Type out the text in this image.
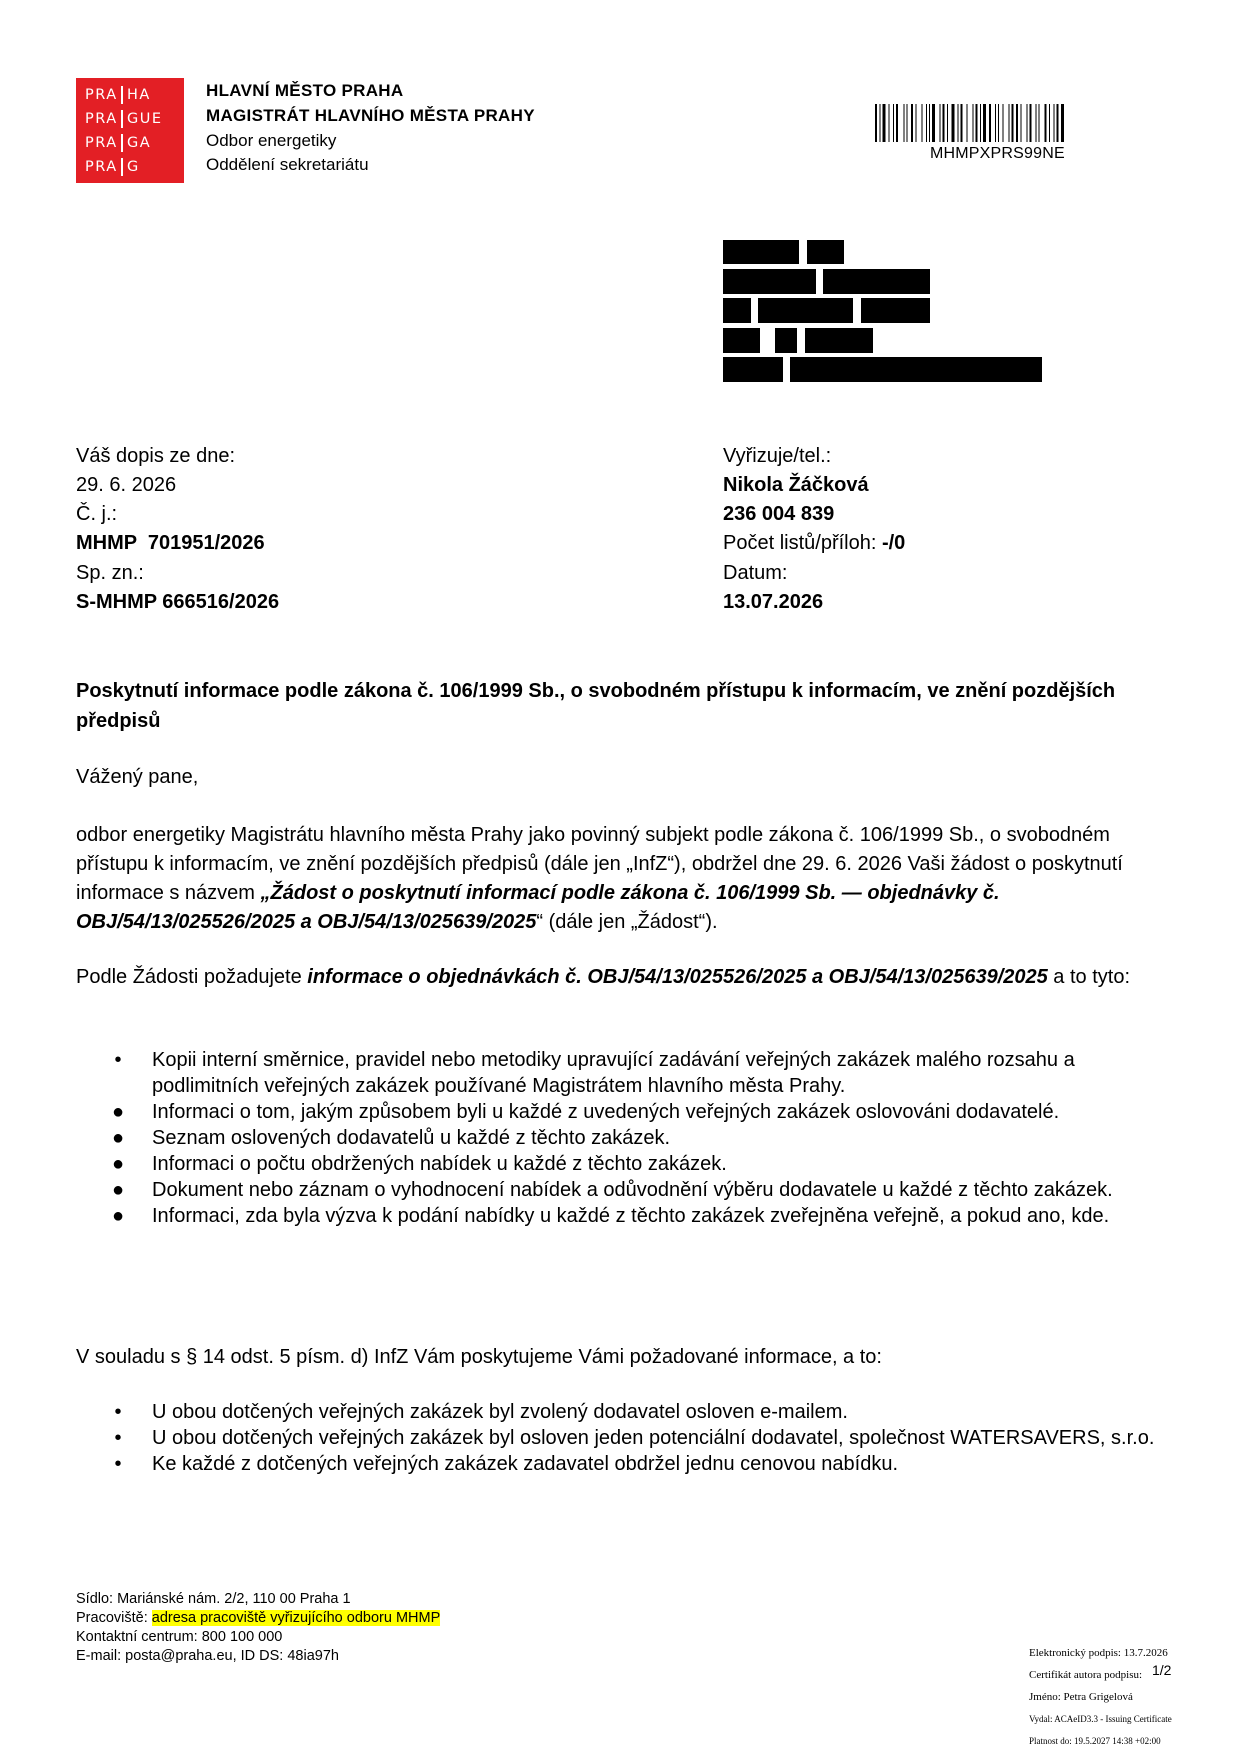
PRA HA
PRA GUE
PRA GA
PRA G
HLAVNÍ MĚSTO PRAHA
MAGISTRÁT HLAVNÍHO MĚSTA PRAHY
Odbor energetiky
Oddělení sekretariátu
MHMPXPRS99NE
Váš dopis ze dne:
29. 6. 2026
Č. j.:
MHMP  701951/2026
Sp. zn.:
S-MHMP 666516/2026
Vyřizuje/tel.:
Nikola Žáčková
236 004 839
Počet listů/příloh: -/0
Datum:
13.07.2026
Poskytnutí informace podle zákona č. 106/1999 Sb., o svobodném přístupu k informacím, ve znění pozdějších předpisů
Vážený pane,
odbor energetiky Magistrátu hlavního města Prahy jako povinný subjekt podle zákona č. 106/1999 Sb., o svobodném přístupu k informacím, ve znění pozdějších předpisů (dále jen „InfZ“), obdržel dne 29. 6. 2026 Vaši žádost o poskytnutí informace s názvem „Žádost o poskytnutí informací podle zákona č. 106/1999 Sb. — objednávky č. OBJ/54/13/025526/2025 a OBJ/54/13/025639/2025“ (dále jen „Žádost“).
Podle Žádosti požadujete informace o objednávkách č. OBJ/54/13/025526/2025 a OBJ/54/13/025639/2025 a to tyto:
• Kopii interní směrnice, pravidel nebo metodiky upravující zadávání veřejných zakázek malého rozsahu a podlimitních veřejných zakázek používané Magistrátem hlavního města Prahy.
● Informaci o tom, jakým způsobem byli u každé z uvedených veřejných zakázek oslovováni dodavatelé.
● Seznam oslovených dodavatelů u každé z těchto zakázek.
● Informaci o počtu obdržených nabídek u každé z těchto zakázek.
● Dokument nebo záznam o vyhodnocení nabídek a odůvodnění výběru dodavatele u každé z těchto zakázek.
● Informaci, zda byla výzva k podání nabídky u každé z těchto zakázek zveřejněna veřejně, a pokud ano, kde.
V souladu s § 14 odst. 5 písm. d) InfZ Vám poskytujeme Vámi požadované informace, a to:
• U obou dotčených veřejných zakázek byl zvolený dodavatel osloven e-mailem.
• U obou dotčených veřejných zakázek byl osloven jeden potenciální dodavatel, společnost WATERSAVERS, s.r.o.
• Ke každé z dotčených veřejných zakázek zadavatel obdržel jednu cenovou nabídku.
Sídlo: Mariánské nám. 2/2, 110 00 Praha 1
Pracoviště: adresa pracoviště vyřizujícího odboru MHMP
Kontaktní centrum: 800 100 000
E-mail: posta@praha.eu, ID DS: 48ia97h	Elektronický podpis: 13.7.2026
Certifikát autora podpisu:
Jméno: Petra Grigelová
Vydal: ACAeID3.3 - Issuing Certificate
Platnost do: 19.5.2027 14:38 +02:00
1/2
